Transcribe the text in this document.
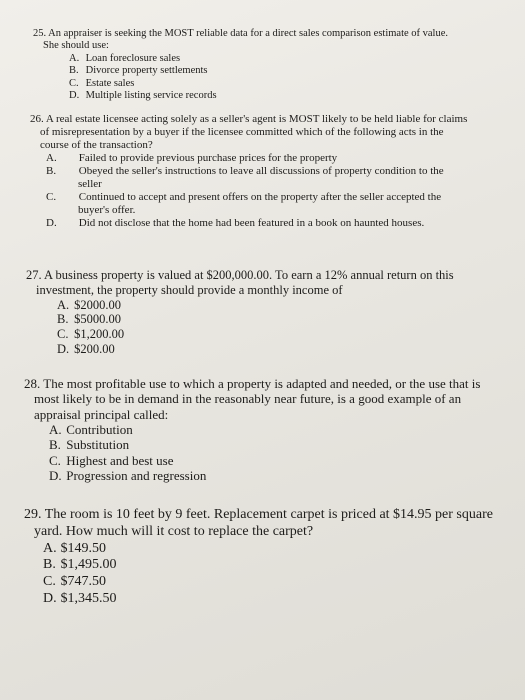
25. An appraiser is seeking the MOST reliable data for a direct sales comparison estimate of value. She should use:

A. Loan foreclosure sales
B. Divorce property settlements
C. Estate sales
D. Multiple listing service records

26. A real estate licensee acting solely as a seller's agent is MOST likely to be held liable for claims of misrepresentation by a buyer if the licensee committed which of the following acts in the course of the transaction?

A. Failed to provide previous purchase prices for the property
B. Obeyed the seller's instructions to leave all discussions of property condition to the seller
C. Continued to accept and present offers on the property after the seller accepted the buyer's offer.
D. Did not disclose that the home had been featured in a book on haunted houses.

27. A business property is valued at $200,000.00. To earn a 12% annual return on this investment, the property should provide a monthly income of

A. $2000.00
B. $5000.00
C. $1,200.00
D. $200.00

28. The most profitable use to which a property is adapted and needed, or the use that is most likely to be in demand in the reasonably near future, is a good example of an appraisal principal called:

A. Contribution
B. Substitution
C. Highest and best use
D. Progression and regression

29. The room is 10 feet by 9 feet. Replacement carpet is priced at $14.95 per square yard. How much will it cost to replace the carpet?

A. $149.50
B. $1,495.00
C. $747.50
D. $1,345.50
